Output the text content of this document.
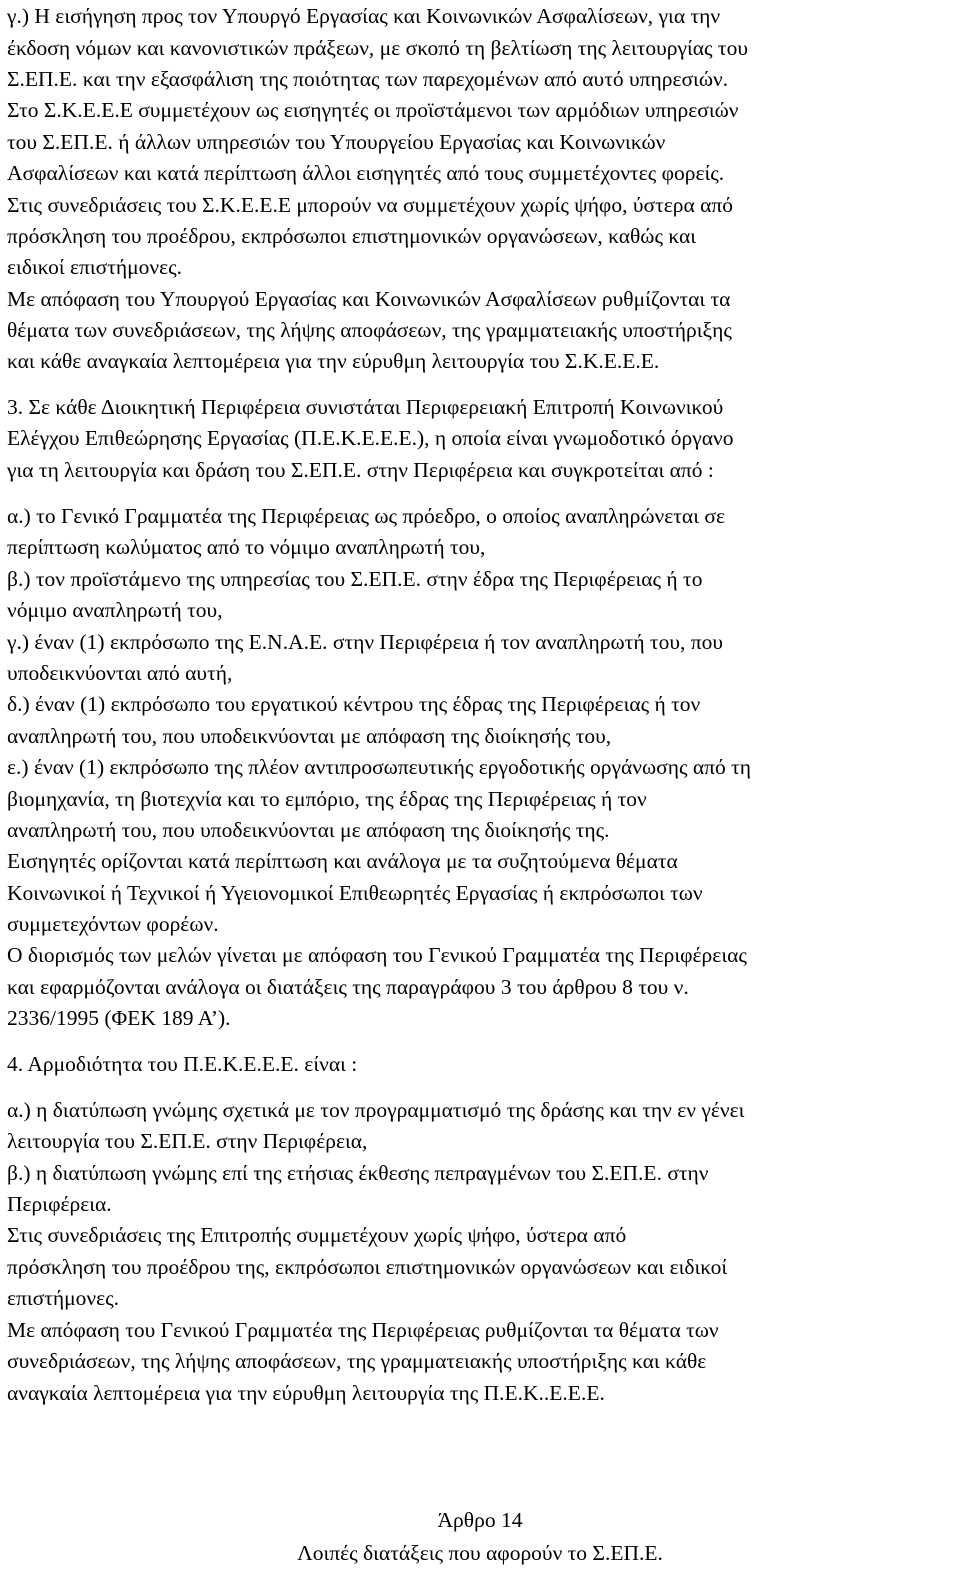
γ.) Η εισήγηση προς τον Υπουργό Εργασίας και Κοινωνικών Ασφαλίσεων, για την
έκδοση νόμων και κανονιστικών πράξεων, με σκοπό τη βελτίωση της λειτουργίας του
Σ.ΕΠ.Ε. και την εξασφάλιση της ποιότητας των παρεχομένων από αυτό υπηρεσιών.
Στο Σ.Κ.Ε.Ε.Ε συμμετέχουν ως εισηγητές οι προϊστάμενοι των αρμόδιων υπηρεσιών
του Σ.ΕΠ.Ε. ή άλλων υπηρεσιών του Υπουργείου Εργασίας και Κοινωνικών
Ασφαλίσεων και κατά περίπτωση άλλοι εισηγητές από τους συμμετέχοντες φορείς.
Στις συνεδριάσεις του Σ.Κ.Ε.Ε.Ε μπορούν να συμμετέχουν χωρίς ψήφο, ύστερα από
πρόσκληση του προέδρου, εκπρόσωποι επιστημονικών οργανώσεων, καθώς και
ειδικοί επιστήμονες.
Με απόφαση του Υπουργού Εργασίας και Κοινωνικών Ασφαλίσεων ρυθμίζονται τα
θέματα των συνεδριάσεων, της λήψης αποφάσεων, της γραμματειακής υποστήριξης
και κάθε αναγκαία λεπτομέρεια για την εύρυθμη λειτουργία του Σ.Κ.Ε.Ε.Ε.
3. Σε κάθε Διοικητική Περιφέρεια συνιστάται Περιφερειακή Επιτροπή Κοινωνικού
Ελέγχου Επιθεώρησης Εργασίας (Π.Ε.Κ.Ε.Ε.Ε.), η οποία είναι γνωμοδοτικό όργανο
για τη λειτουργία και δράση του Σ.ΕΠ.Ε. στην Περιφέρεια και συγκροτείται από :
α.) το Γενικό Γραμματέα της Περιφέρειας ως πρόεδρο, ο οποίος αναπληρώνεται σε
περίπτωση κωλύματος από το νόμιμο αναπληρωτή του,
β.) τον προϊστάμενο της υπηρεσίας του Σ.ΕΠ.Ε. στην έδρα της Περιφέρειας ή το
νόμιμο αναπληρωτή του,
γ.) έναν (1) εκπρόσωπο της Ε.Ν.Α.Ε. στην Περιφέρεια ή τον αναπληρωτή του, που
υποδεικνύονται από αυτή,
δ.) έναν (1) εκπρόσωπο του εργατικού κέντρου της έδρας της Περιφέρειας ή τον
αναπληρωτή του, που υποδεικνύονται με απόφαση της διοίκησής του,
ε.) έναν (1) εκπρόσωπο της πλέον αντιπροσωπευτικής εργοδοτικής οργάνωσης από τη
βιομηχανία, τη βιοτεχνία και το εμπόριο, της έδρας της Περιφέρειας ή τον
αναπληρωτή του, που υποδεικνύονται με απόφαση της διοίκησής της.
Εισηγητές ορίζονται κατά περίπτωση και ανάλογα με τα συζητούμενα θέματα
Κοινωνικοί ή Τεχνικοί ή Υγειονομικοί Επιθεωρητές Εργασίας ή εκπρόσωποι των
συμμετεχόντων φορέων.
Ο διορισμός των μελών γίνεται με απόφαση του Γενικού Γραμματέα της Περιφέρειας
και εφαρμόζονται ανάλογα οι διατάξεις της παραγράφου 3 του άρθρου 8 του ν.
2336/1995 (ΦΕΚ 189 Α’).
4. Αρμοδιότητα του Π.Ε.Κ.Ε.Ε.Ε. είναι :
α.) η διατύπωση γνώμης σχετικά με τον προγραμματισμό της δράσης και την εν γένει
λειτουργία του Σ.ΕΠ.Ε. στην Περιφέρεια,
β.) η διατύπωση γνώμης επί της ετήσιας έκθεσης πεπραγμένων του Σ.ΕΠ.Ε. στην
Περιφέρεια.
Στις συνεδριάσεις της Επιτροπής συμμετέχουν χωρίς ψήφο, ύστερα από
πρόσκληση του προέδρου της, εκπρόσωποι επιστημονικών οργανώσεων και ειδικοί
επιστήμονες.
Με απόφαση του Γενικού Γραμματέα της Περιφέρειας ρυθμίζονται τα θέματα των
συνεδριάσεων, της λήψης αποφάσεων, της γραμματειακής υποστήριξης και κάθε
αναγκαία λεπτομέρεια για την εύρυθμη λειτουργία της Π.Ε.Κ..Ε.Ε.Ε.
Άρθρο 14
Λοιπές διατάξεις που αφορούν το Σ.ΕΠ.Ε.
